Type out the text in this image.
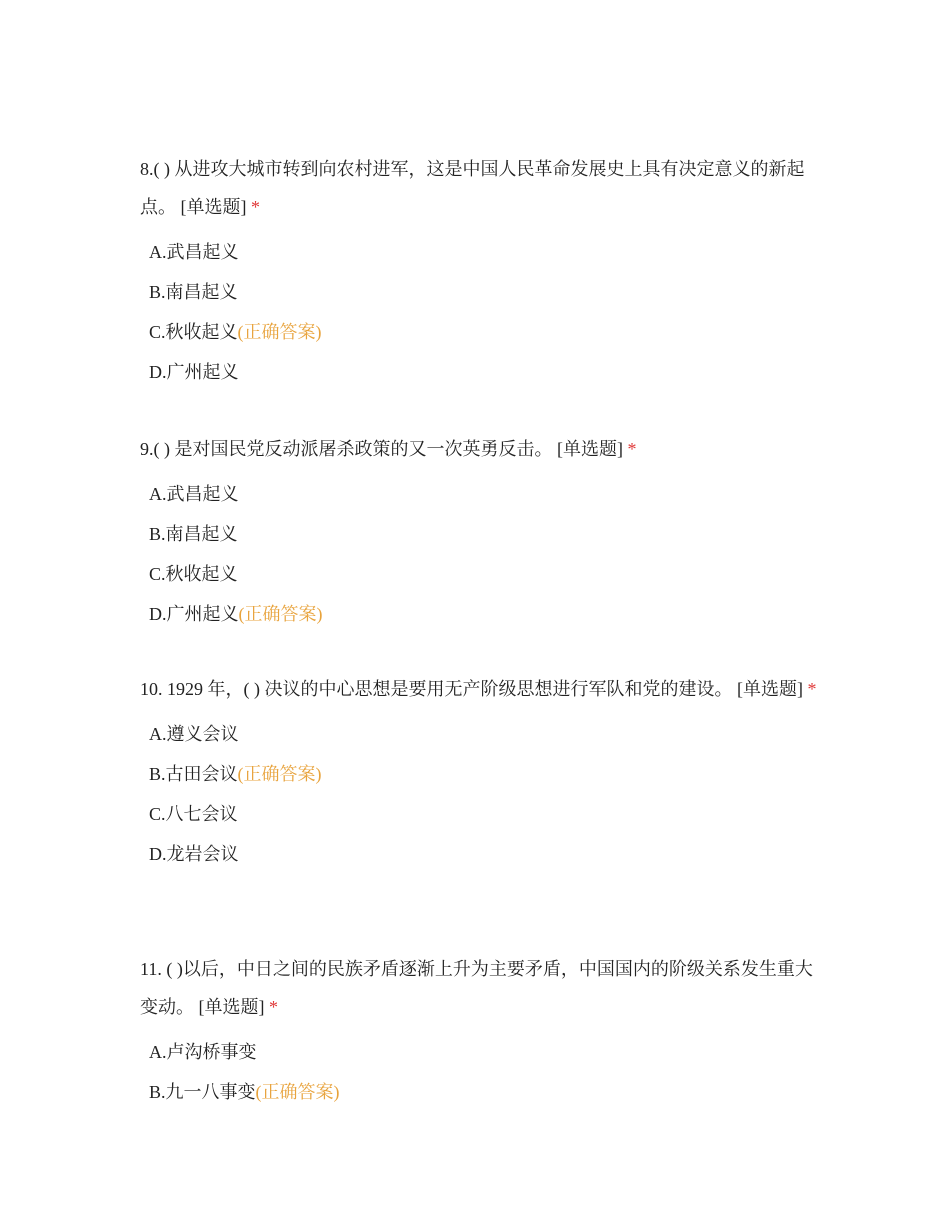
8.( ) 从进攻大城市转到向农村进军，这是中国人民革命发展史上具有决定意义的新起点。 [单选题] *

A.武昌起义
B.南昌起义
C.秋收起义(正确答案)
D.广州起义

9.( ) 是对国民党反动派屠杀政策的又一次英勇反击。 [单选题] *

A.武昌起义
B.南昌起义
C.秋收起义
D.广州起义(正确答案)

10. 1929 年，( ) 决议的中心思想是要用无产阶级思想进行军队和党的建设。 [单选题] *

A.遵义会议
B.古田会议(正确答案)
C.八七会议
D.龙岩会议

11. ( )以后，中日之间的民族矛盾逐渐上升为主要矛盾，中国国内的阶级关系发生重大变动。 [单选题] *

A.卢沟桥事变
B.九一八事变(正确答案)
